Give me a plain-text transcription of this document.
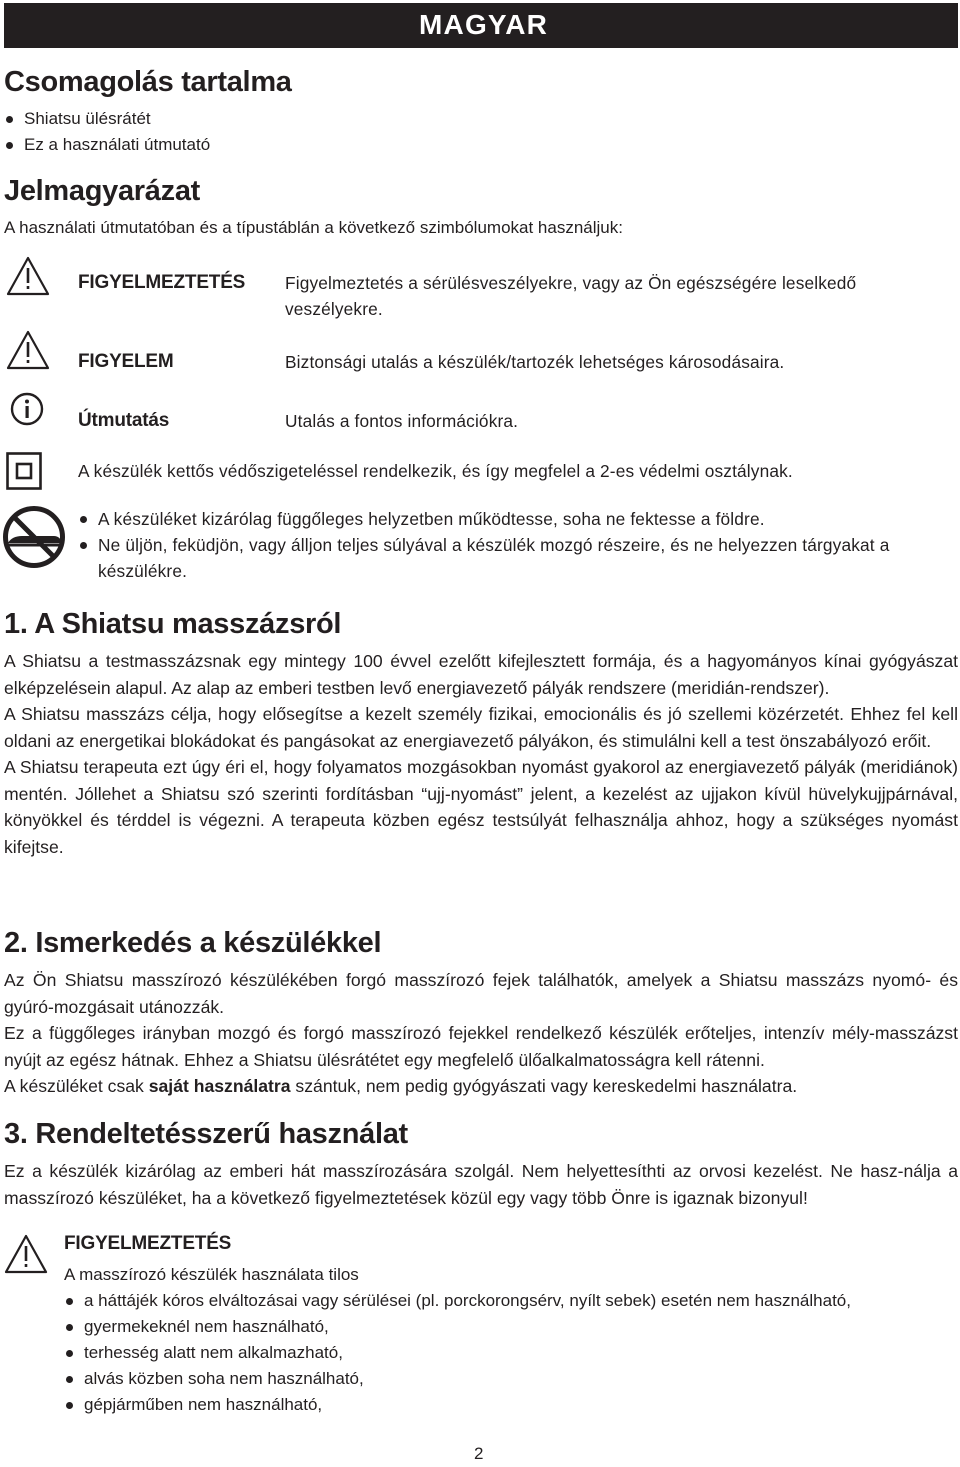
MAGYAR
Csomagolás tartalma
Shiatsu ülésrátét
Ez a használati útmutató
Jelmagyarázat
A használati útmutatóban és a típustáblán a következő szimbólumokat használjuk:
FIGYELMEZTETÉS Figyelmeztetés a sérülésveszélyekre, vagy az Ön egészségére leselkedő veszélyekre.
FIGYELEM	Biztonsági utalás a készülék/tartozék lehetséges károsodásaira.
Útmutatás	Utalás a fontos információkra.
A készülék kettős védőszigeteléssel rendelkezik, és így megfelel a 2-es védelmi osztálynak.
A készüléket kizárólag függőleges helyzetben működtesse, soha ne fektesse a földre.
Ne üljön, feküdjön, vagy álljon teljes súlyával a készülék mozgó részeire, és ne helyezzen tárgyakat a készülékre.
1. A Shiatsu masszázsról

A Shiatsu a testmasszázsnak egy mintegy 100 évvel ezelőtt kifejlesztett formája, és a hagyományos kínai gyógyászat elképzelésein alapul. Az alap az emberi testben levő energiavezető pályák rendszere (meridián-rendszer).

A Shiatsu masszázs célja, hogy elősegítse a kezelt személy fizikai, emocionális és jó szellemi közérzetét. Ehhez fel kell oldani az energetikai blokádokat és pangásokat az energiavezető pályákon, és stimulálni kell a test önszabályozó erőit.

A Shiatsu terapeuta ezt úgy éri el, hogy folyamatos mozgásokban nyomást gyakorol az energiavezető pályák (meridiánok) mentén. Jóllehet a Shiatsu szó szerinti fordításban “ujj-nyomást” jelent, a kezelést az ujjakon kívül hüvelykujjpárnával, könyökkel és térddel is végezni. A terapeuta közben egész testsúlyát felhasználja ahhoz, hogy a szükséges nyomást kifejtse.

2. Ismerkedés a készülékkel

Az Ön Shiatsu masszírozó készülékében forgó masszírozó fejek találhatók, amelyek a Shiatsu masszázs nyomó- és gyúró-mozgásait utánozzák.

Ez a függőleges irányban mozgó és forgó masszírozó fejekkel rendelkező készülék erőteljes, intenzív mély-masszázst nyújt az egész hátnak. Ehhez a Shiatsu ülésrátétet egy megfelelő ülőalkalmatosságra kell rátenni.

A készüléket csak saját használatra szántuk, nem pedig gyógyászati vagy kereskedelmi használatra.

3. Rendeltetésszerű használat
Ez a készülék kizárólag az emberi hát masszírozására szolgál. Nem helyettesíthti az orvosi kezelést. Ne hasz-nálja a masszírozó készüléket, ha a következő figyelmeztetések közül egy vagy több Önre is igaznak bizonyul!
FIGYELMEZTETÉS
A masszírozó készülék használata tilos
a háttájék kóros elváltozásai vagy sérülései (pl. porckorongsérv, nyílt sebek) esetén nem használható,
gyermekeknél nem használható,
terhesség alatt nem alkalmazható,
alvás közben soha nem használható,
gépjárműben nem használható,
2
